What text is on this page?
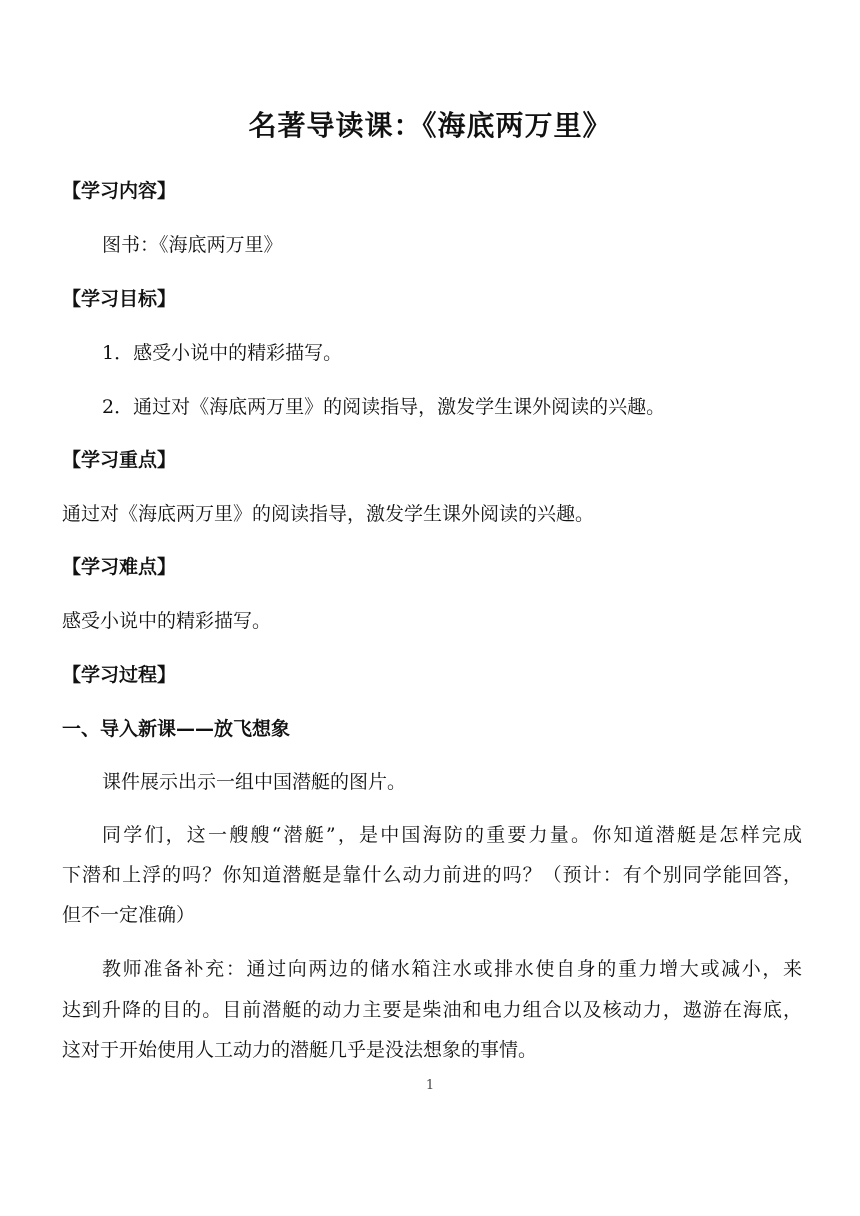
名著导读课：《海底两万里》
【学习内容】
图书：《海底两万里》
【学习目标】
1．感受小说中的精彩描写。
2．通过对《海底两万里》的阅读指导，激发学生课外阅读的兴趣。
【学习重点】
通过对《海底两万里》的阅读指导，激发学生课外阅读的兴趣。
【学习难点】
感受小说中的精彩描写。
【学习过程】
一、导入新课——放飞想象
课件展示出示一组中国潜艇的图片。
同学们，这一艘艘“潜艇”，是中国海防的重要力量。你知道潜艇是怎样完成
下潜和上浮的吗？你知道潜艇是靠什么动力前进的吗？（预计：有个别同学能回答，
但不一定准确）
教师准备补充：通过向两边的储水箱注水或排水使自身的重力增大或减小，来
达到升降的目的。目前潜艇的动力主要是柴油和电力组合以及核动力，遨游在海底，
这对于开始使用人工动力的潜艇几乎是没法想象的事情。
1
